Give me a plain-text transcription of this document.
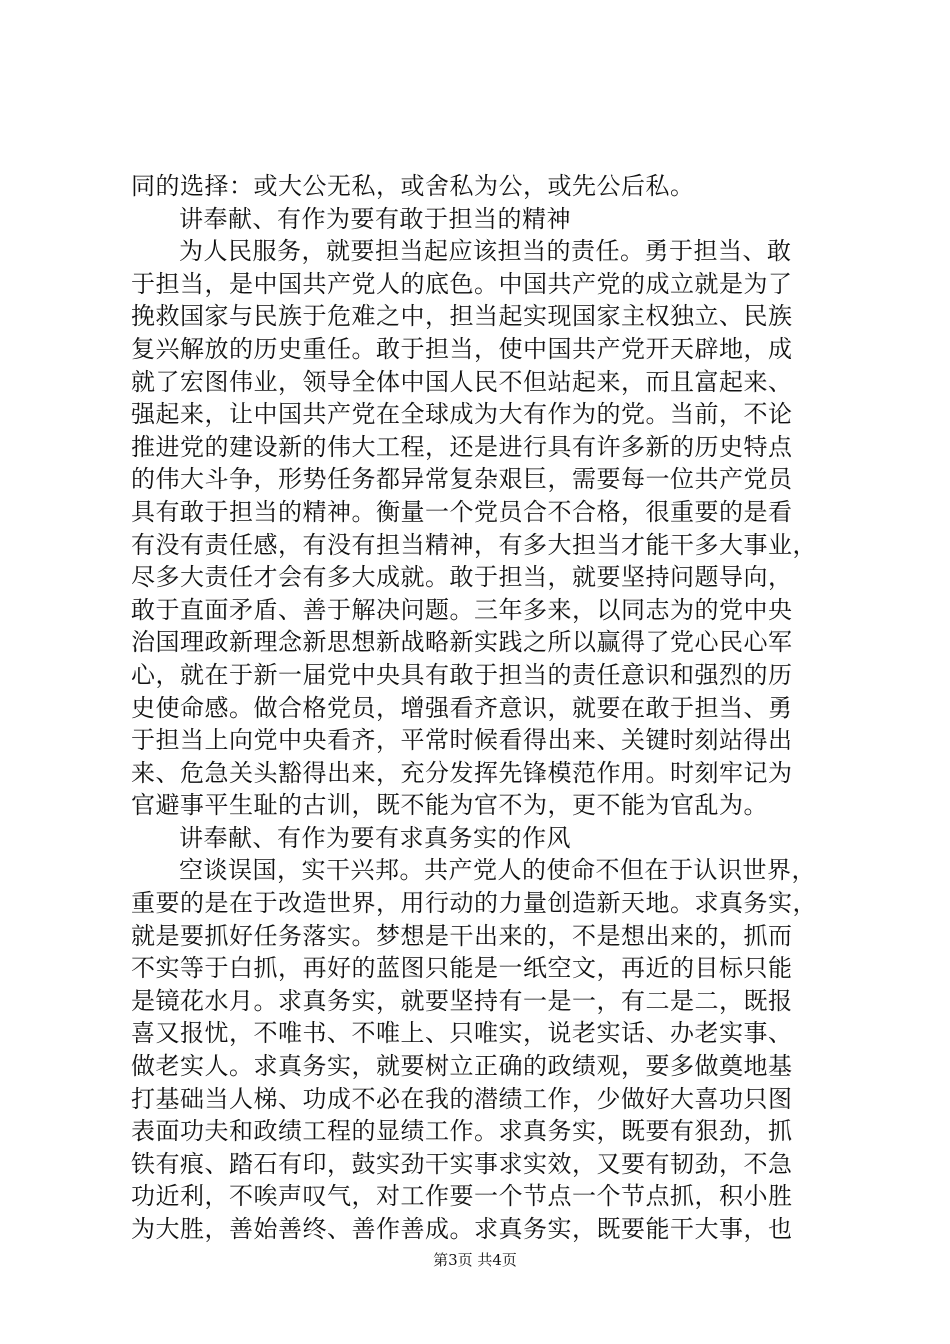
同的选择：或大公无私，或舍私为公，或先公后私。
讲奉献、有作为要有敢于担当的精神
为人民服务，就要担当起应该担当的责任。勇于担当、敢
于担当，是中国共产党人的底色。中国共产党的成立就是为了
挽救国家与民族于危难之中，担当起实现国家主权独立、民族
复兴解放的历史重任。敢于担当，使中国共产党开天辟地，成
就了宏图伟业，领导全体中国人民不但站起来，而且富起来、
强起来，让中国共产党在全球成为大有作为的党。当前，不论
推进党的建设新的伟大工程，还是进行具有许多新的历史特点
的伟大斗争，形势任务都异常复杂艰巨，需要每一位共产党员
具有敢于担当的精神。衡量一个党员合不合格，很重要的是看
有没有责任感，有没有担当精神，有多大担当才能干多大事业，
尽多大责任才会有多大成就。敢于担当，就要坚持问题导向，
敢于直面矛盾、善于解决问题。三年多来，以同志为的党中央
治国理政新理念新思想新战略新实践之所以赢得了党心民心军
心，就在于新一届党中央具有敢于担当的责任意识和强烈的历
史使命感。做合格党员，增强看齐意识，就要在敢于担当、勇
于担当上向党中央看齐，平常时候看得出来、关键时刻站得出
来、危急关头豁得出来，充分发挥先锋模范作用。时刻牢记为
官避事平生耻的古训，既不能为官不为，更不能为官乱为。
讲奉献、有作为要有求真务实的作风
空谈误国，实干兴邦。共产党人的使命不但在于认识世界，
重要的是在于改造世界，用行动的力量创造新天地。求真务实，
就是要抓好任务落实。梦想是干出来的，不是想出来的，抓而
不实等于白抓，再好的蓝图只能是一纸空文，再近的目标只能
是镜花水月。求真务实，就要坚持有一是一，有二是二，既报
喜又报忧，不唯书、不唯上、只唯实，说老实话、办老实事、
做老实人。求真务实，就要树立正确的政绩观，要多做奠地基
打基础当人梯、功成不必在我的潜绩工作，少做好大喜功只图
表面功夫和政绩工程的显绩工作。求真务实，既要有狠劲，抓
铁有痕、踏石有印，鼓实劲干实事求实效，又要有韧劲，不急
功近利，不唉声叹气，对工作要一个节点一个节点抓，积小胜
为大胜，善始善终、善作善成。求真务实，既要能干大事，也
第3页 共4页
